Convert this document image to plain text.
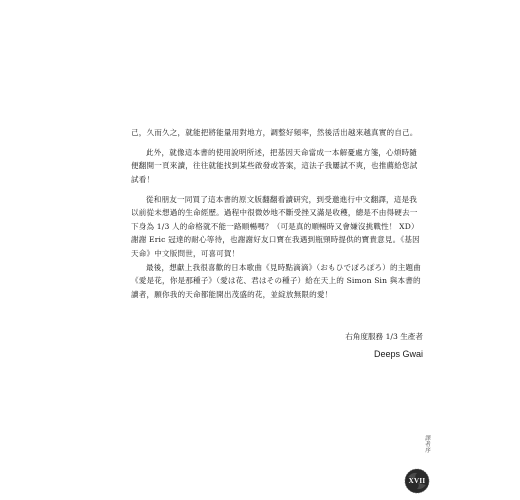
己，久而久之，就能把將能量用對地方，調整好頻率，然後活出越來越真實的自己。

此外，就像這本書的使用說明所述，把基因天命當成一本解憂處方箋，心煩時隨便翻開一頁來讀，往往就能找到某些啟發或答案，這法子我屢試不爽，也推薦給您試試看！

從和朋友一同買了這本書的原文版翻翻看讀研究，到受邀進行中文翻譯，這是我以前從未想過的生命經歷。過程中很微妙地不斷受挫又滿是收穫，總是不由得硬去一下身為 1/3 人的命格就不能一路順暢嗎？（可是真的順暢時又會嫌沒挑戰性！ XD）謝謝 Eric 冠達的耐心等待，也謝謝好友口寶在我遇到瓶頸時提供的寶貴意見。《基因天命》中文版問世，可喜可賀！

最後，想獻上我很喜歡的日本歌曲《見時點滴滴》（おもひでぽろぽろ）的主題曲《愛是花，你是那種子》（愛は花、君はその種子）給在天上的 Simon Sin 與本書的讀者，願你我的天命都能開出茂盛的花，並綻放無限的愛！

右角度服務 1/3 生產者
Deeps Gwai
譯者序
XVII
